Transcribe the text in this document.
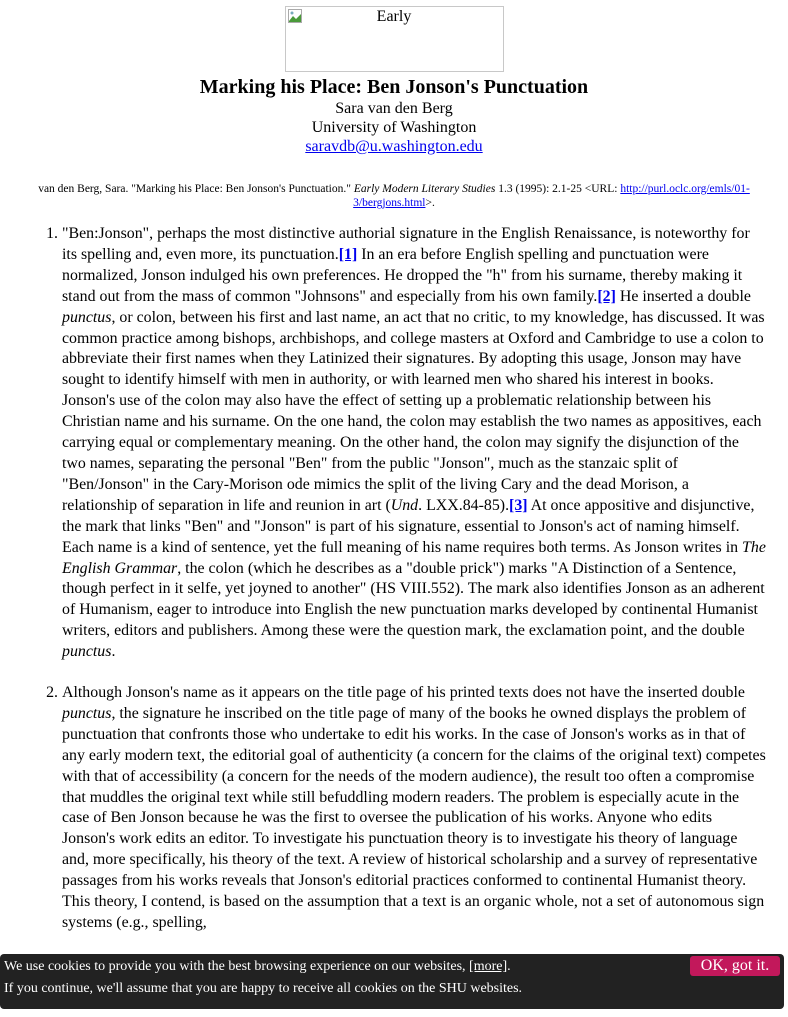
Early
Marking his Place: Ben Jonson's Punctuation
Sara van den Berg
University of Washington
saravdb@u.washington.edu
van den Berg, Sara. "Marking his Place: Ben Jonson's Punctuation." Early Modern Literary Studies 1.3 (1995): 2.1-25 <URL: http://purl.oclc.org/emls/01-3/bergjons.html>.
1. "Ben:Jonson", perhaps the most distinctive authorial signature in the English Renaissance, is noteworthy for its spelling and, even more, its punctuation.[1] In an era before English spelling and punctuation were normalized, Jonson indulged his own preferences. He dropped the "h" from his surname, thereby making it stand out from the mass of common "Johnsons" and especially from his own family.[2] He inserted a double punctus, or colon, between his first and last name, an act that no critic, to my knowledge, has discussed. It was common practice among bishops, archbishops, and college masters at Oxford and Cambridge to use a colon to abbreviate their first names when they Latinized their signatures. By adopting this usage, Jonson may have sought to identify himself with men in authority, or with learned men who shared his interest in books. Jonson's use of the colon may also have the effect of setting up a problematic relationship between his Christian name and his surname. On the one hand, the colon may establish the two names as appositives, each carrying equal or complementary meaning. On the other hand, the colon may signify the disjunction of the two names, separating the personal "Ben" from the public "Jonson", much as the stanzaic split of "Ben/Jonson" in the Cary-Morison ode mimics the split of the living Cary and the dead Morison, a relationship of separation in life and reunion in art (Und. LXX.84-85).[3] At once appositive and disjunctive, the mark that links "Ben" and "Jonson" is part of his signature, essential to Jonson's act of naming himself. Each name is a kind of sentence, yet the full meaning of his name requires both terms. As Jonson writes in The English Grammar, the colon (which he describes as a "double prick") marks "A Distinction of a Sentence, though perfect in it selfe, yet joyned to another" (HS VIII.552). The mark also identifies Jonson as an adherent of Humanism, eager to introduce into English the new punctuation marks developed by continental Humanist writers, editors and publishers. Among these were the question mark, the exclamation point, and the double punctus.
2. Although Jonson's name as it appears on the title page of his printed texts does not have the inserted double punctus, the signature he inscribed on the title page of many of the books he owned displays the problem of punctuation that confronts those who undertake to edit his works. In the case of Jonson's works as in that of any early modern text, the editorial goal of authenticity (a concern for the claims of the original text) competes with that of accessibility (a concern for the needs of the modern audience), the result too often a compromise that muddles the original text while still befuddling modern readers. The problem is especially acute in the case of Ben Jonson because he was the first to oversee the publication of his works. Anyone who edits Jonson's work edits an editor. To investigate his punctuation theory is to investigate his theory of language and, more specifically, his theory of the text. A review of historical scholarship and a survey of representative passages from his works reveals that Jonson's editorial practices conformed to continental Humanist theory. This theory, I contend, is based on the assumption that a text is an organic whole, not a set of autonomous sign systems (e.g., spelling,
We use cookies to provide you with the best browsing experience on our websites, [more].
If you continue, we'll assume that you are happy to receive all cookies on the SHU websites.
OK, got it.
